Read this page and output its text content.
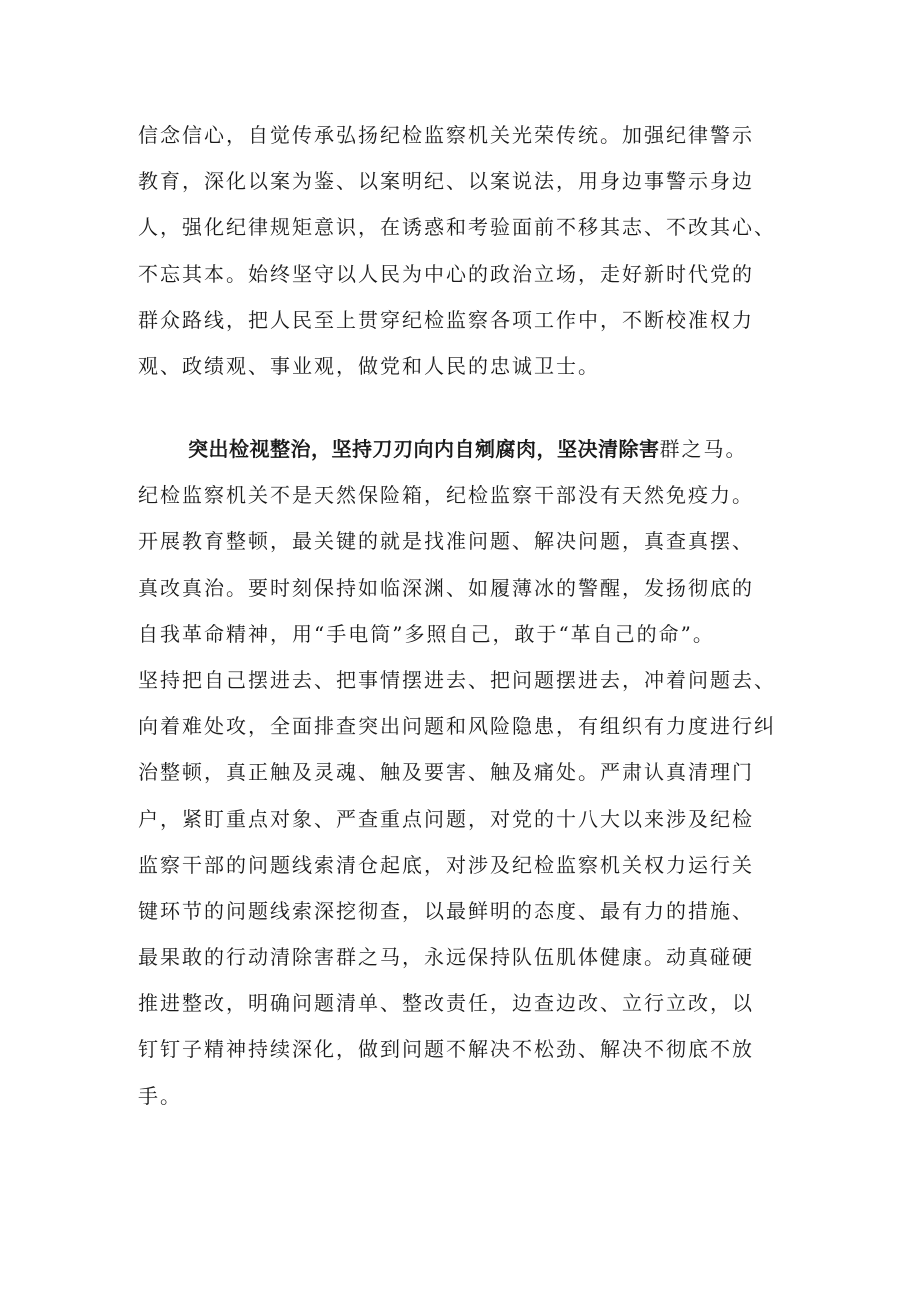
信念信心，自觉传承弘扬纪检监察机关光荣传统。加强纪律警示
教育，深化以案为鉴、以案明纪、以案说法，用身边事警示身边
人，强化纪律规矩意识，在诱惑和考验面前不移其志、不改其心、
不忘其本。始终坚守以人民为中心的政治立场，走好新时代党的
群众路线，把人民至上贯穿纪检监察各项工作中，不断校准权力
观、政绩观、事业观，做党和人民的忠诚卫士。

突出检视整治，坚持刀刃向内自剜腐肉，坚决清除害群之马。
纪检监察机关不是天然保险箱，纪检监察干部没有天然免疫力。
开展教育整顿，最关键的就是找准问题、解决问题，真查真摆、
真改真治。要时刻保持如临深渊、如履薄冰的警醒，发扬彻底的
自我革命精神，用“手电筒”多照自己，敢于“革自己的命”。
坚持把自己摆进去、把事情摆进去、把问题摆进去，冲着问题去、
向着难处攻，全面排查突出问题和风险隐患，有组织有力度进行纠
治整顿，真正触及灵魂、触及要害、触及痛处。严肃认真清理门
户，紧盯重点对象、严查重点问题，对党的十八大以来涉及纪检
监察干部的问题线索清仓起底，对涉及纪检监察机关权力运行关
键环节的问题线索深挖彻查，以最鲜明的态度、最有力的措施、
最果敢的行动清除害群之马，永远保持队伍肌体健康。动真碰硬
推进整改，明确问题清单、整改责任，边查边改、立行立改，以
钉钉子精神持续深化，做到问题不解决不松劲、解决不彻底不放
手。
